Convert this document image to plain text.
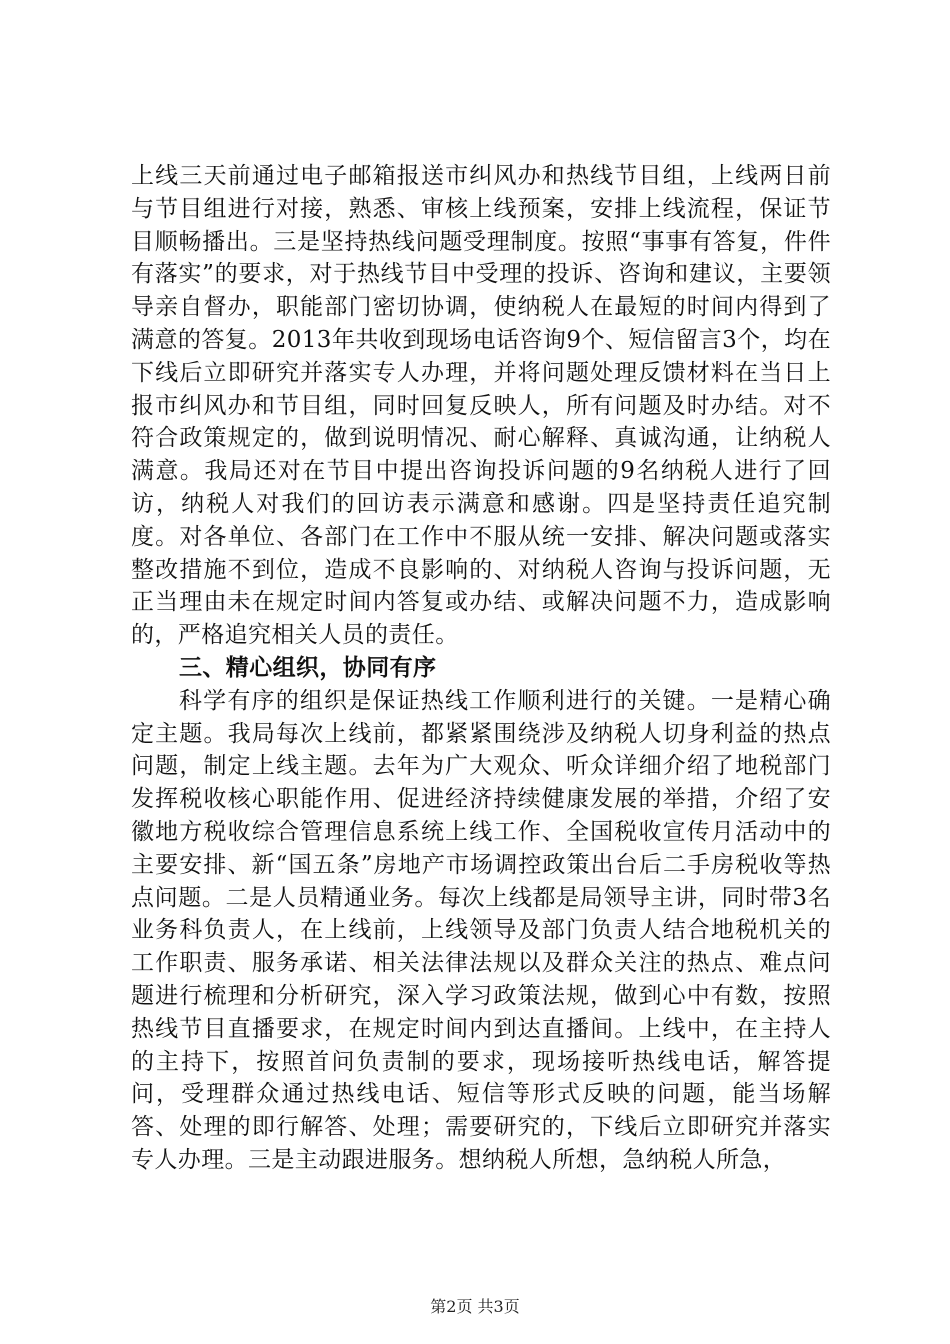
上线三天前通过电子邮箱报送市纠风办和热线节目组，上线两日前与节目组进行对接，熟悉、审核上线预案，安排上线流程，保证节目顺畅播出。三是坚持热线问题受理制度。按照“事事有答复，件件有落实”的要求，对于热线节目中受理的投诉、咨询和建议，主要领导亲自督办，职能部门密切协调，使纳税人在最短的时间内得到了满意的答复。2013年共收到现场电话咨询9个、短信留言3个，均在下线后立即研究并落实专人办理，并将问题处理反馈材料在当日上报市纠风办和节目组，同时回复反映人，所有问题及时办结。对不符合政策规定的，做到说明情况、耐心解释、真诚沟通，让纳税人满意。我局还对在节目中提出咨询投诉问题的9名纳税人进行了回访，纳税人对我们的回访表示满意和感谢。四是坚持责任追究制度。对各单位、各部门在工作中不服从统一安排、解决问题或落实整改措施不到位，造成不良影响的、对纳税人咨询与投诉问题，无正当理由未在规定时间内答复或办结、或解决问题不力，造成影响的，严格追究相关人员的责任。

三、精心组织，协同有序

科学有序的组织是保证热线工作顺利进行的关键。一是精心确定主题。我局每次上线前，都紧紧围绕涉及纳税人切身利益的热点问题，制定上线主题。去年为广大观众、听众详细介绍了地税部门发挥税收核心职能作用、促进经济持续健康发展的举措，介绍了安徽地方税收综合管理信息系统上线工作、全国税收宣传月活动中的主要安排、新“国五条”房地产市场调控政策出台后二手房税收等热点问题。二是人员精通业务。每次上线都是局领导主讲，同时带3名业务科负责人，在上线前，上线领导及部门负责人结合地税机关的工作职责、服务承诺、相关法律法规以及群众关注的热点、难点问题进行梳理和分析研究，深入学习政策法规，做到心中有数，按照热线节目直播要求，在规定时间内到达直播间。上线中，在主持人的主持下，按照首问负责制的要求，现场接听热线电话，解答提问，受理群众通过热线电话、短信等形式反映的问题，能当场解答、处理的即行解答、处理；需要研究的，下线后立即研究并落实专人办理。三是主动跟进服务。想纳税人所想，急纳税人所急，

第2页 共3页
